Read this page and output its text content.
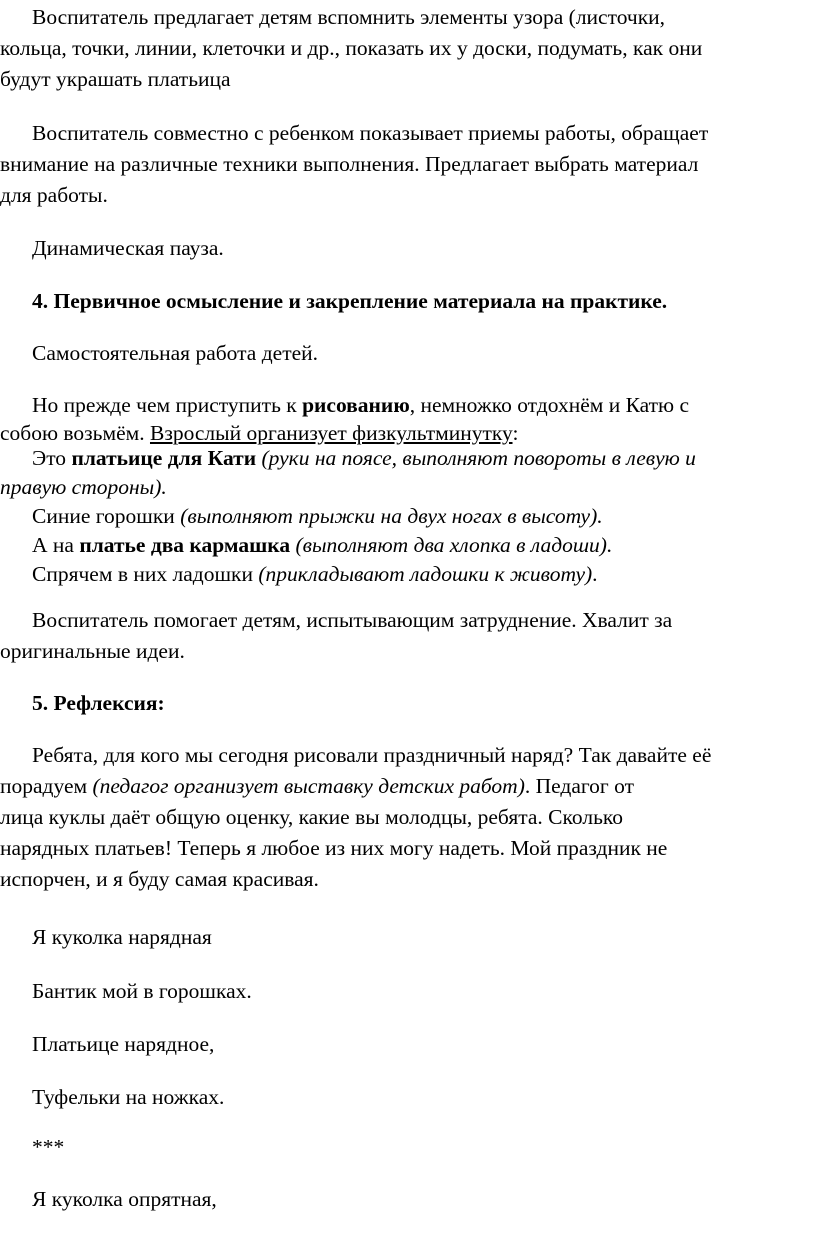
Воспитатель предлагает детям вспомнить элементы узора (листочки,
кольца, точки, линии, клеточки и др., показать их у доски, подумать, как они
будут украшать платьица
Воспитатель совместно с ребенком показывает приемы работы, обращает
внимание на различные техники выполнения. Предлагает выбрать материал
для работы.
Динамическая пауза.
4. Первичное осмысление и закрепление материала на практике.
Самостоятельная работа детей.
Но прежде чем приступить к рисованию, немножко отдохнём и Катю с
собою возьмём. Взрослый организует физкультминутку:
Это платьице для Кати (руки на поясе, выполняют повороты в левую и
правую стороны).
Синие горошки (выполняют прыжки на двух ногах в высоту).
А на платье два кармашка (выполняют два хлопка в ладоши).
Спрячем в них ладошки (прикладывают ладошки к животу).
Воспитатель помогает детям, испытывающим затруднение. Хвалит за
оригинальные идеи.
5. Рефлексия:
Ребята, для кого мы сегодня рисовали праздничный наряд? Так давайте её
порадуем (педагог организует выставку детских работ). Педагог от
лица куклы даёт общую оценку, какие вы молодцы, ребята. Сколько
нарядных платьев! Теперь я любое из них могу надеть. Мой праздник не
испорчен, и я буду самая красивая.
Я куколка нарядная
Бантик мой в горошках.
Платьице нарядное,
Туфельки на ножках.
***
Я куколка опрятная,
